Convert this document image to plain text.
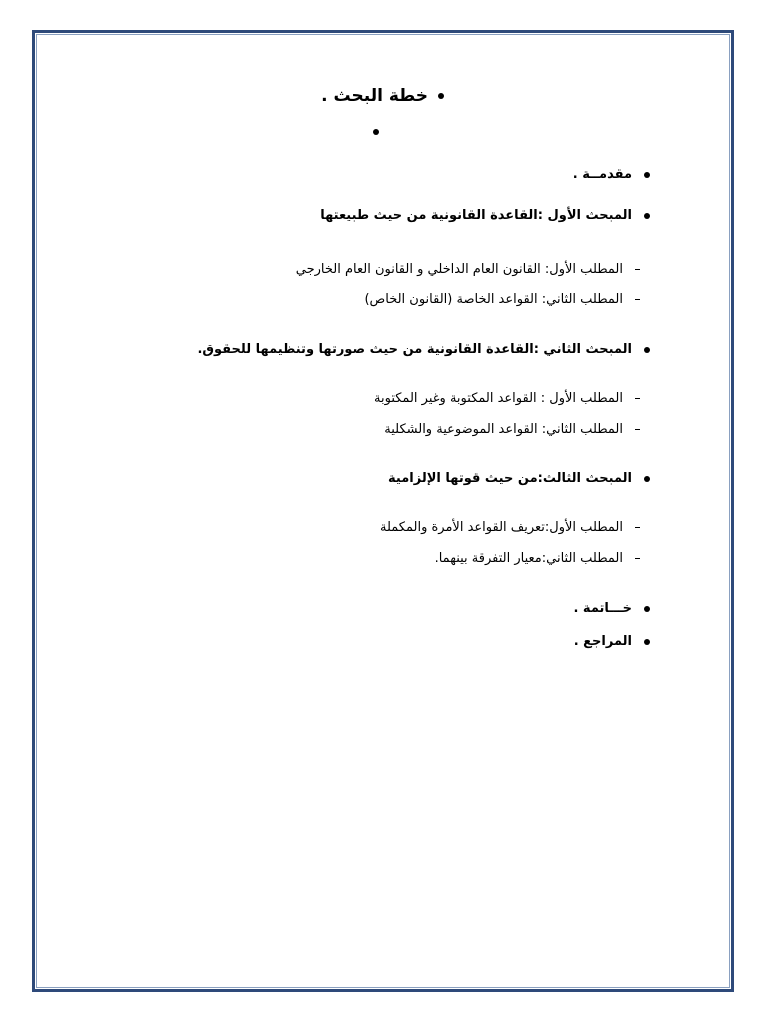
خطة البحث .
مقدمــة .
المبحث الأول :القاعدة القانونية من حيث طبيعتها
المطلب الأول: القانون العام الداخلي و القانون العام الخارجي
المطلب الثاني: القواعد الخاصة (القانون الخاص)
المبحث الثاني :القاعدة القانونية من حيث صورتها وتنظيمها للحقوق.
المطلب الأول : القواعد المكتوبة وغير المكتوبة
المطلب الثاني: القواعد الموضوعية والشكلية
المبحث الثالث:من حيث قوتها الإلزامية
المطلب الأول:تعريف القواعد الأمرة والمكملة
المطلب الثاني:معيار التفرقة بينهما.
خـــاتمة .
المراجع .
